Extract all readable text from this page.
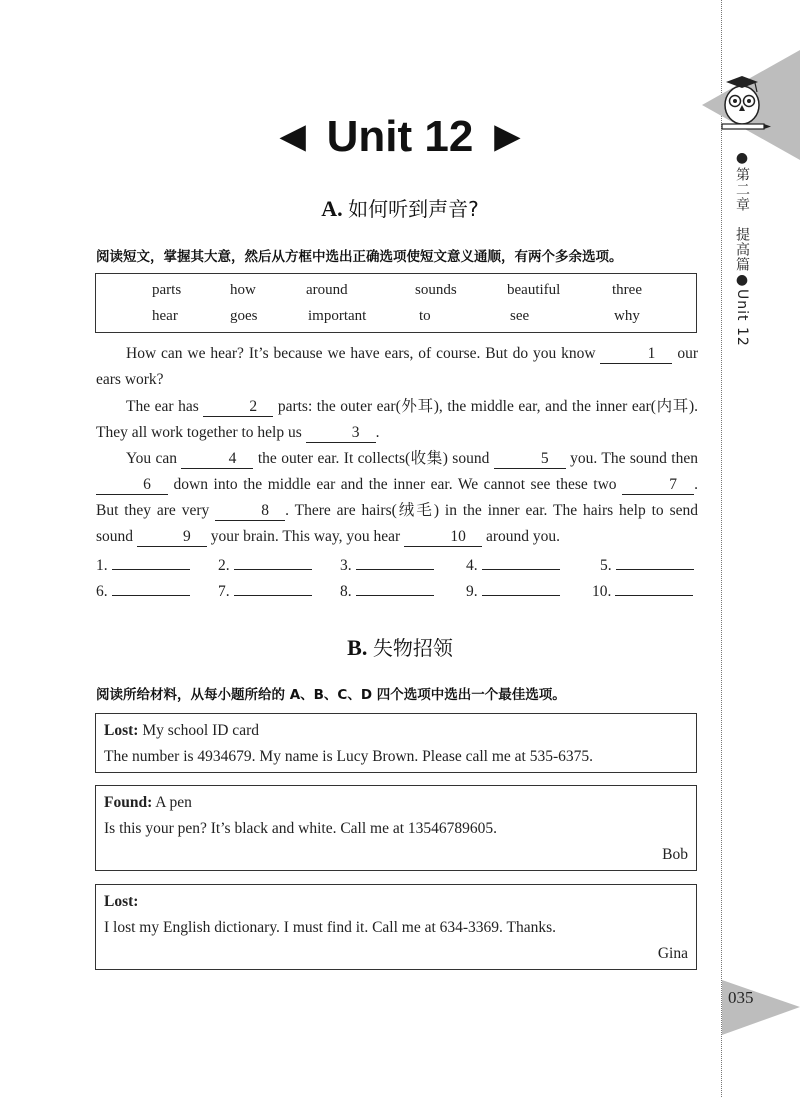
●第二章　提高篇●Unit 12
035
◄ Unit 12 ►
A. 如何听到声音?
阅读短文，掌握其大意，然后从方框中选出正确选项使短文意义通顺，有两个多余选项。
parts	how	around	sounds	beautiful	three
hear	goes	important	to	see	why
How can we hear? It’s because we have ears, of course. But do you know	1 our ears work?
The ear has	2 parts: the outer ear(外耳), the middle ear, and the inner ear(内耳). They all work together to help us	3 .
You can	4 the outer ear. It collects(收集) sound	5 you. The sound then 6 down into the middle ear and the inner ear. We cannot see these two	7 . But they are very	8 . There are hairs(绒毛) in the inner ear. The hairs help to send sound	9 your brain. This way, you hear	10 around you.
1.	2.	3.	4.	5.
6.	7.	8.	9.	10.
B. 失物招领
阅读所给材料，从每小题所给的 A、B、C、D 四个选项中选出一个最佳选项。
Lost: My school ID card
The number is 4934679. My name is Lucy Brown. Please call me at 535-6375.
Found: A pen
Is this your pen? It’s black and white. Call me at 13546789605.
Bob
Lost:
I lost my English dictionary. I must find it. Call me at 634-3369. Thanks.
Gina
